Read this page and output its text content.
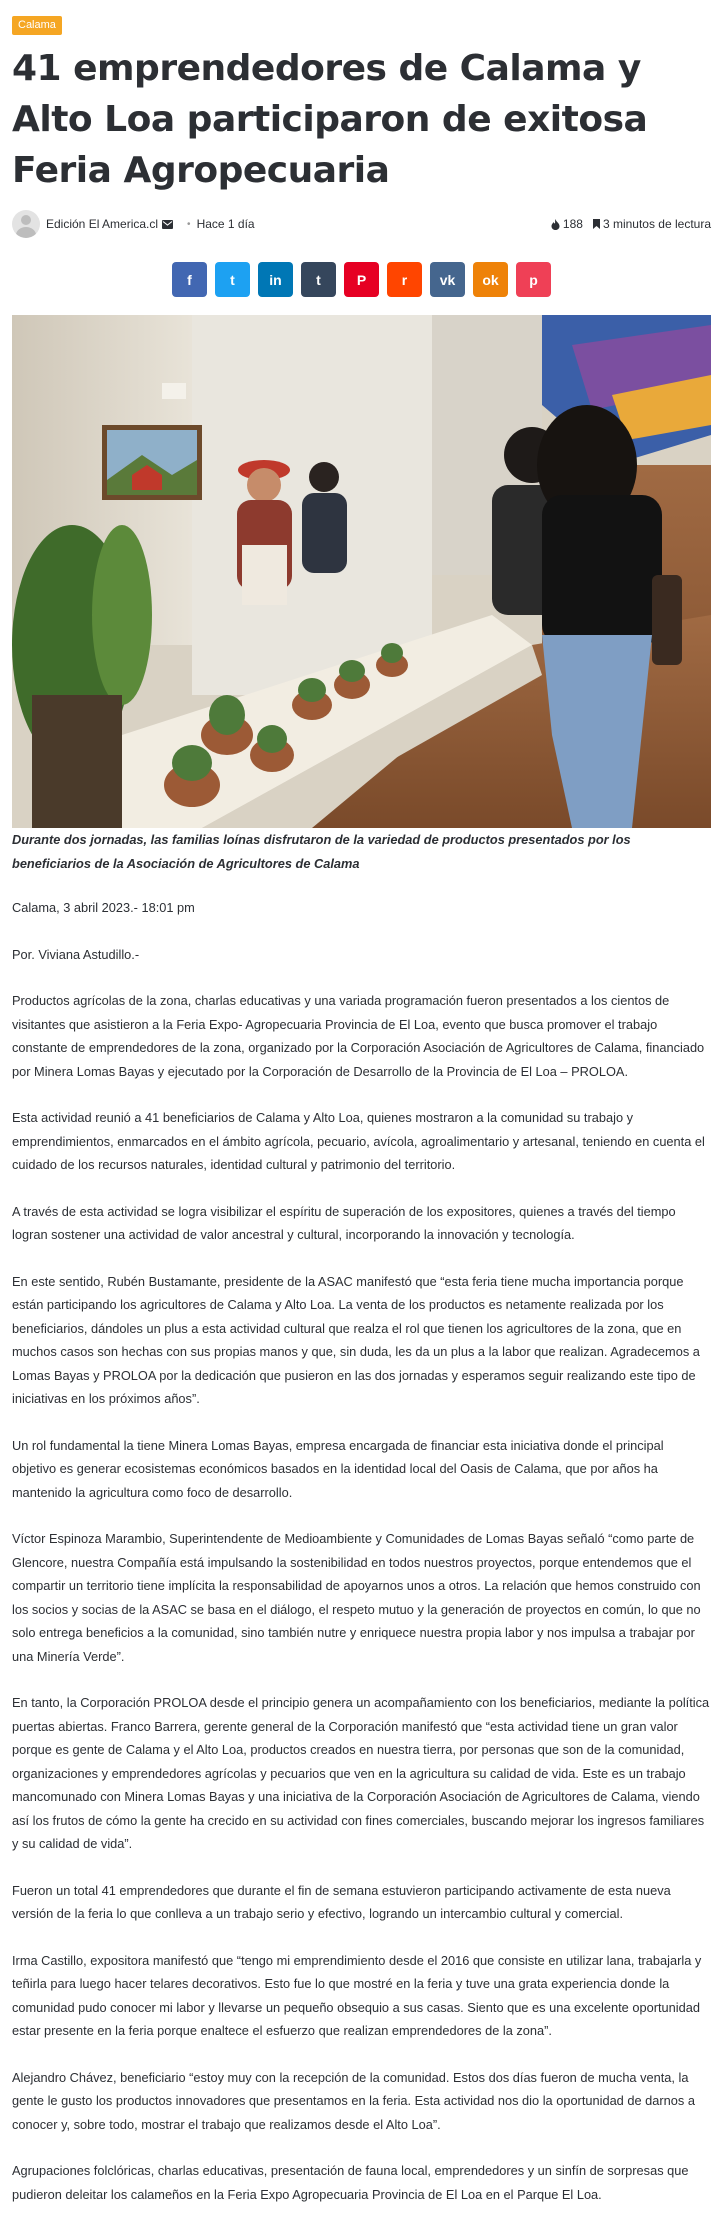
Calama
41 emprendedores de Calama y Alto Loa participaron de exitosa Feria Agropecuaria
Edición El America.cl	• Hace 1 día	188 3 minutos de lectura
f	t in t	P	r vk ok p

Durante dos jornadas, las familias loínas disfrutaron de la variedad de productos presentados por los beneficiarios de la Asociación de Agricultores de Calama

Calama, 3 abril 2023.- 18:01 pm

Por. Viviana Astudillo.-

Productos agrícolas de la zona, charlas educativas y una variada programación fueron presentados a los cientos de visitantes que asistieron a la Feria Expo- Agropecuaria Provincia de El Loa, evento que busca promover el trabajo constante de emprendedores de la zona, organizado por la Corporación Asociación de Agricultores de Calama, financiado por Minera Lomas Bayas y ejecutado por la Corporación de Desarrollo de la Provincia de El Loa – PROLOA.

Esta actividad reunió a 41 beneficiarios de Calama y Alto Loa, quienes mostraron a la comunidad su trabajo y emprendimientos, enmarcados en el ámbito agrícola, pecuario, avícola, agroalimentario y artesanal, teniendo en cuenta el cuidado de los recursos naturales, identidad cultural y patrimonio del territorio.

A través de esta actividad se logra visibilizar el espíritu de superación de los expositores, quienes a través del tiempo logran sostener una actividad de valor ancestral y cultural, incorporando la innovación y tecnología.

En este sentido, Rubén Bustamante, presidente de la ASAC manifestó que “esta feria tiene mucha importancia porque están participando los agricultores de Calama y Alto Loa. La venta de los productos es netamente realizada por los beneficiarios, dándoles un plus a esta actividad cultural que realza el rol que tienen los agricultores de la zona, que en muchos casos son hechas con sus propias manos y que, sin duda, les da un plus a la labor que realizan. Agradecemos a Lomas Bayas y PROLOA por la dedicación que pusieron en las dos jornadas y esperamos seguir realizando este tipo de iniciativas en los próximos años”.

Un rol fundamental la tiene Minera Lomas Bayas, empresa encargada de financiar esta iniciativa donde el principal objetivo es generar ecosistemas económicos basados en la identidad local del Oasis de Calama, que por años ha mantenido la agricultura como foco de desarrollo.

Víctor Espinoza Marambio, Superintendente de Medioambiente y Comunidades de Lomas Bayas señaló “como parte de Glencore, nuestra Compañía está impulsando la sostenibilidad en todos nuestros proyectos, porque entendemos que el compartir un territorio tiene implícita la responsabilidad de apoyarnos unos a otros. La relación que hemos construido con los socios y socias de la ASAC se basa en el diálogo, el respeto mutuo y la generación de proyectos en común, lo que no solo entrega beneficios a la comunidad, sino también nutre y enriquece nuestra propia labor y nos impulsa a trabajar por una Minería Verde”.

En tanto, la Corporación PROLOA desde el principio genera un acompañamiento con los beneficiarios, mediante la política puertas abiertas. Franco Barrera, gerente general de la Corporación manifestó que “esta actividad tiene un gran valor porque es gente de Calama y el Alto Loa, productos creados en nuestra tierra, por personas que son de la comunidad, organizaciones y emprendedores agrícolas y pecuarios que ven en la agricultura su calidad de vida. Este es un trabajo mancomunado con Minera Lomas Bayas y una iniciativa de la Corporación Asociación de Agricultores de Calama, viendo así los frutos de cómo la gente ha crecido en su actividad con fines comerciales, buscando mejorar los ingresos familiares y su calidad de vida”.

Fueron un total 41 emprendedores que durante el fin de semana estuvieron participando activamente de esta nueva versión de la feria lo que conlleva a un trabajo serio y efectivo, logrando un intercambio cultural y comercial.

Irma Castillo, expositora manifestó que “tengo mi emprendimiento desde el 2016 que consiste en utilizar lana, trabajarla y teñirla para luego hacer telares decorativos. Esto fue lo que mostré en la feria y tuve una grata experiencia donde la comunidad pudo conocer mi labor y llevarse un pequeño obsequio a sus casas. Siento que es una excelente oportunidad estar presente en la feria porque enaltece el esfuerzo que realizan emprendedores de la zona”.

Alejandro Chávez, beneficiario “estoy muy con la recepción de la comunidad. Estos dos días fueron de mucha venta, la gente le gusto los productos innovadores que presentamos en la feria. Esta actividad nos dio la oportunidad de darnos a conocer y, sobre todo, mostrar el trabajo que realizamos desde el Alto Loa”.

Agrupaciones folclóricas, charlas educativas, presentación de fauna local, emprendedores y un sinfín de sorpresas que pudieron deleitar los calameños en la Feria Expo Agropecuaria Provincia de El Loa en el Parque El Loa.
